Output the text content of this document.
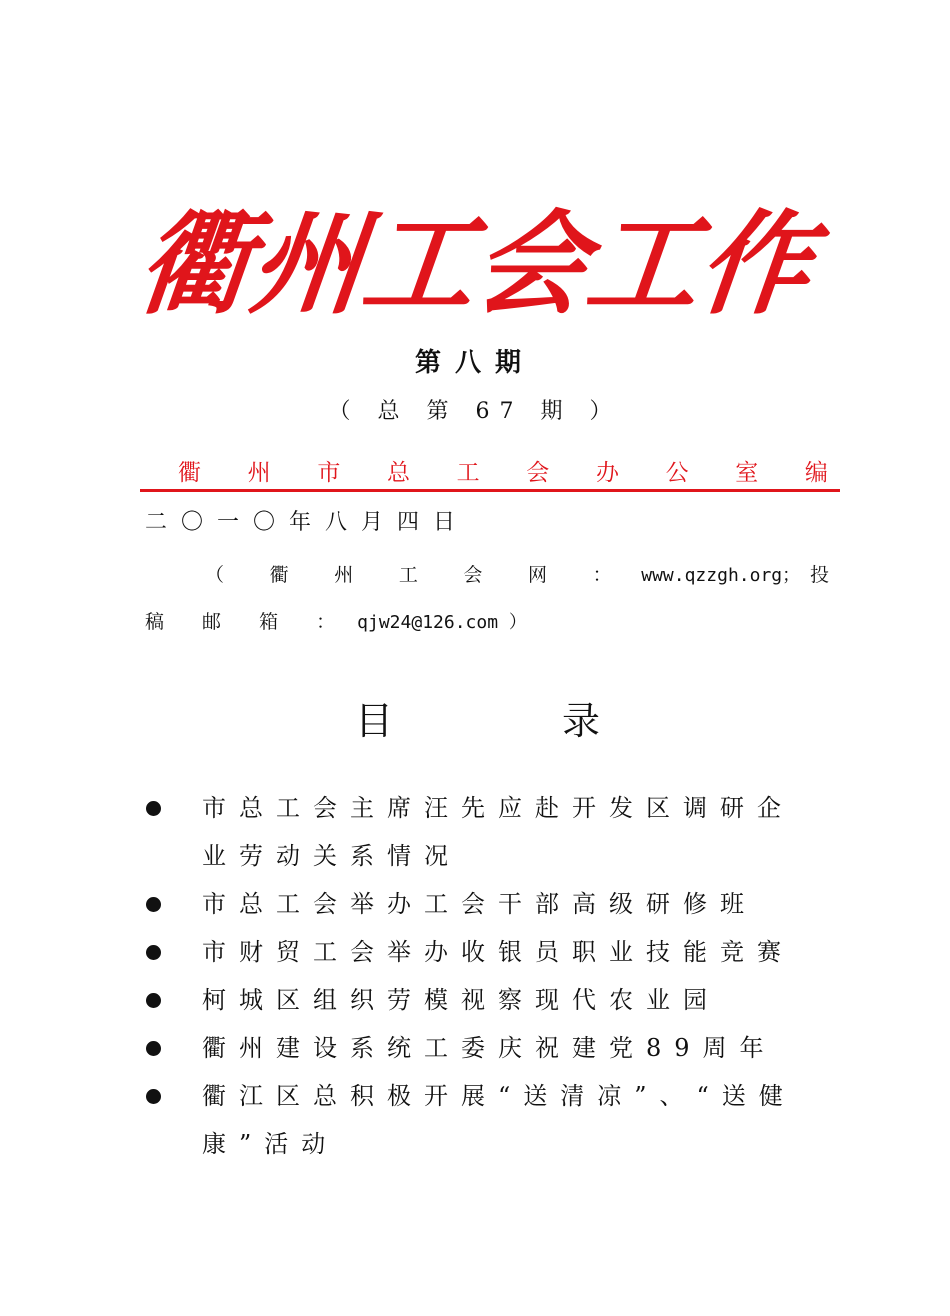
衢州工会工作
第八期
（ 总 第 67 期 ）
衢 州 市 总 工 会 办 公 室 编
二〇一〇年八月四日
（ 衢 州 工 会 网 ： www.qzzgh.org； 投 稿 邮 箱 ： qjw24@126.com ）
目	录
市总工会主席汪先应赴开发区调研企业劳动关系情况
市总工会举办工会干部高级研修班
市财贸工会举办收银员职业技能竞赛
柯城区组织劳模视察现代农业园
衢州建设系统工委庆祝建党89周年
衢江区总积极开展“送清凉”、“送健康”活动
